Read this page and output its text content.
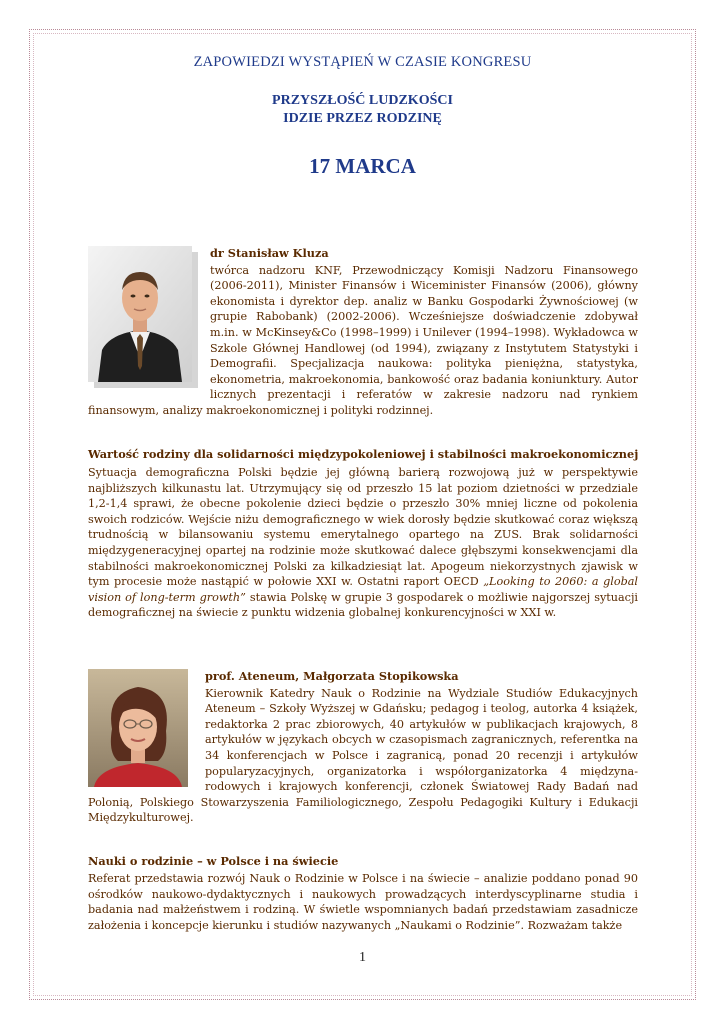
ZAPOWIEDZI WYSTĄPIEŃ W CZASIE KONGRESU
PRZYSZŁOŚĆ LUDZKOŚCI
IDZIE PRZEZ RODZINĘ
17 MARCA
dr Stanisław Kluza
twórca nadzoru KNF, Przewodniczący Komisji Nadzoru Finansowego (2006-2011), Minister Finansów i Wiceminister Finansów (2006), główny ekonomista i dyrektor dep. analiz w Banku Gospodarki Żywnościowej (w grupie Rabobank) (2002-2006). Wcześniejsze doświadczenie zdobywał m.in. w McKinsey&Co (1998–1999) i Unilever (1994–1998). Wykładowca w Szkole Głównej Handlowej (od 1994), związany z Instytutem Statystyki i Demografii. Specjalizacja naukowa: polityka pieniężna, statystyka, ekonometria, makroekonomia, bankowość oraz badania koniunktury. Autor licznych prezentacji i referatów w zakresie nadzoru nad rynkiem finansowym, analizy makroekonomicznej i polityki rodzinnej.
Wartość rodziny dla solidarności międzypokoleniowej i stabilności makroekonomicznej
Sytuacja demograficzna Polski będzie jej główną barierą rozwojową już w perspektywie najbliższych kilkunastu lat. Utrzymujący się od przeszło 15 lat poziom dzietności w przedziale 1,2-1,4 sprawi, że obecne pokolenie dzieci będzie o przeszło 30% mniej liczne od pokolenia swoich rodziców. Wejście niżu demograficznego w wiek dorosły będzie skutkować coraz większą trudnością w bilansowaniu systemu emerytalnego opartego na ZUS. Brak solidarności międzygeneracyjnej opartej na rodzinie może skutkować dalece głębszymi konsekwencjami dla stabilności makroekonomicznej Polski za kilkadziesiąt lat. Apogeum niekorzystnych zjawisk w tym procesie może nastąpić w połowie XXI w. Ostatni raport OECD „Looking to 2060: a global vision of long-term growth” stawia Polskę w grupie 3 gospodarek o możliwie najgorszej sytuacji demograficznej na świecie z punktu widzenia globalnej konkurencyjności w XXI w.
prof. Ateneum, Małgorzata Stopikowska
Kierownik Katedry Nauk o Rodzinie na Wydziale Studiów Edukacyjnych Ateneum – Szkoły Wyższej w Gdańsku; pedagog i teolog, autorka 4 książek, redaktorka 2 prac zbiorowych, 40 artykułów w publikacjach krajowych, 8 artykułów w językach obcych w czasopismach zagranicznych, referentka na 34 konferencjach w Polsce i zagranicą, ponad 20 recenzji i artykułów popularyzacyjnych, organizatorka i współorganizatorka 4 międzyna-rodowych i krajowych konferencji, członek Światowej Rady Badań nad Polonią, Polskiego Stowarzyszenia Familiologicznego, Zespołu Pedagogiki Kultury i Edukacji Międzykulturowej.
Nauki o rodzinie – w Polsce i na świecie
Referat przedstawia rozwój Nauk o Rodzinie w Polsce i na świecie – analizie poddano ponad 90 ośrodków naukowo-dydaktycznych i naukowych prowadzących interdyscyplinarne studia i badania nad małżeństwem i rodziną. W świetle wspomnianych badań przedstawiam zasadnicze założenia i koncepcje kierunku i studiów nazywanych „Naukami o Rodzinie”. Rozważam także
1
